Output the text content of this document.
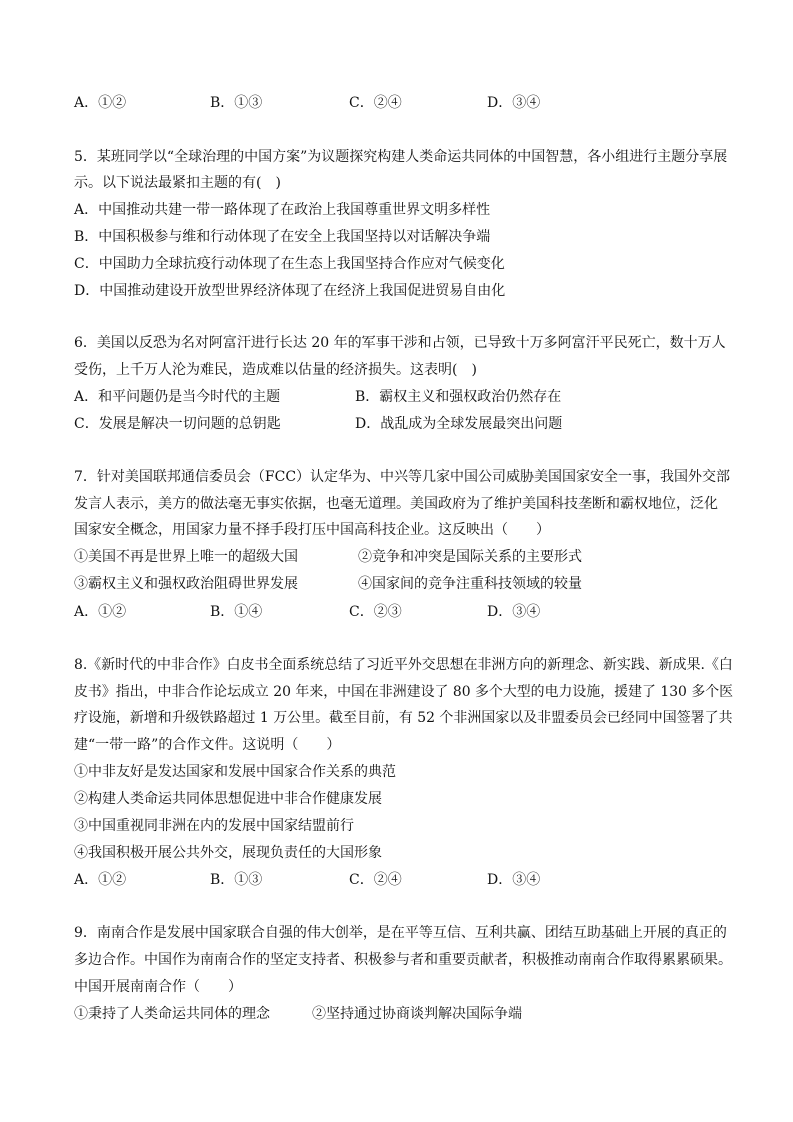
A．①②	B．①③	C．②④	D．③④
5．某班同学以“全球治理的中国方案”为议题探究构建人类命运共同体的中国智慧，各小组进行主题分享展
示。以下说法最紧扣主题的有(　)
A．中国推动共建一带一路体现了在政治上我国尊重世界文明多样性
B．中国积极参与维和行动体现了在安全上我国坚持以对话解决争端
C．中国助力全球抗疫行动体现了在生态上我国坚持合作应对气候变化
D．中国推动建设开放型世界经济体现了在经济上我国促进贸易自由化
6．美国以反恐为名对阿富汗进行长达 20 年的军事干涉和占领，已导致十万多阿富汗平民死亡，数十万人
受伤，上千万人沦为难民，造成难以估量的经济损失。这表明(　)
A．和平问题仍是当今时代的主题	B．霸权主义和强权政治仍然存在
C．发展是解决一切问题的总钥匙	D．战乱成为全球发展最突出问题
7．针对美国联邦通信委员会（FCC）认定华为、中兴等几家中国公司威胁美国国家安全一事，我国外交部
发言人表示，美方的做法毫无事实依据，也毫无道理。美国政府为了维护美国科技垄断和霸权地位，泛化
国家安全概念，用国家力量不择手段打压中国高科技企业。这反映出（　　）
①美国不再是世界上唯一的超级大国	②竞争和冲突是国际关系的主要形式
③霸权主义和强权政治阻碍世界发展	④国家间的竞争注重科技领域的较量
A．①②	B．①④	C．②③	D．③④
8.《新时代的中非合作》白皮书全面系统总结了习近平外交思想在非洲方向的新理念、新实践、新成果.《白
皮书》指出，中非合作论坛成立 20 年来，中国在非洲建设了 80 多个大型的电力设施，援建了 130 多个医
疗设施，新增和升级铁路超过 1 万公里。截至目前，有 52 个非洲国家以及非盟委员会已经同中国签署了共
建“一带一路”的合作文件。这说明（　　）
①中非友好是发达国家和发展中国家合作关系的典范
②构建人类命运共同体思想促进中非合作健康发展
③中国重视同非洲在内的发展中国家结盟前行
④我国积极开展公共外交，展现负责任的大国形象
A．①②	B．①③	C．②④	D．③④
9．南南合作是发展中国家联合自强的伟大创举，是在平等互信、互利共赢、团结互助基础上开展的真正的
多边合作。中国作为南南合作的坚定支持者、积极参与者和重要贡献者，积极推动南南合作取得累累硕果。
中国开展南南合作（　　）
①秉持了人类命运共同体的理念	②坚持通过协商谈判解决国际争端
